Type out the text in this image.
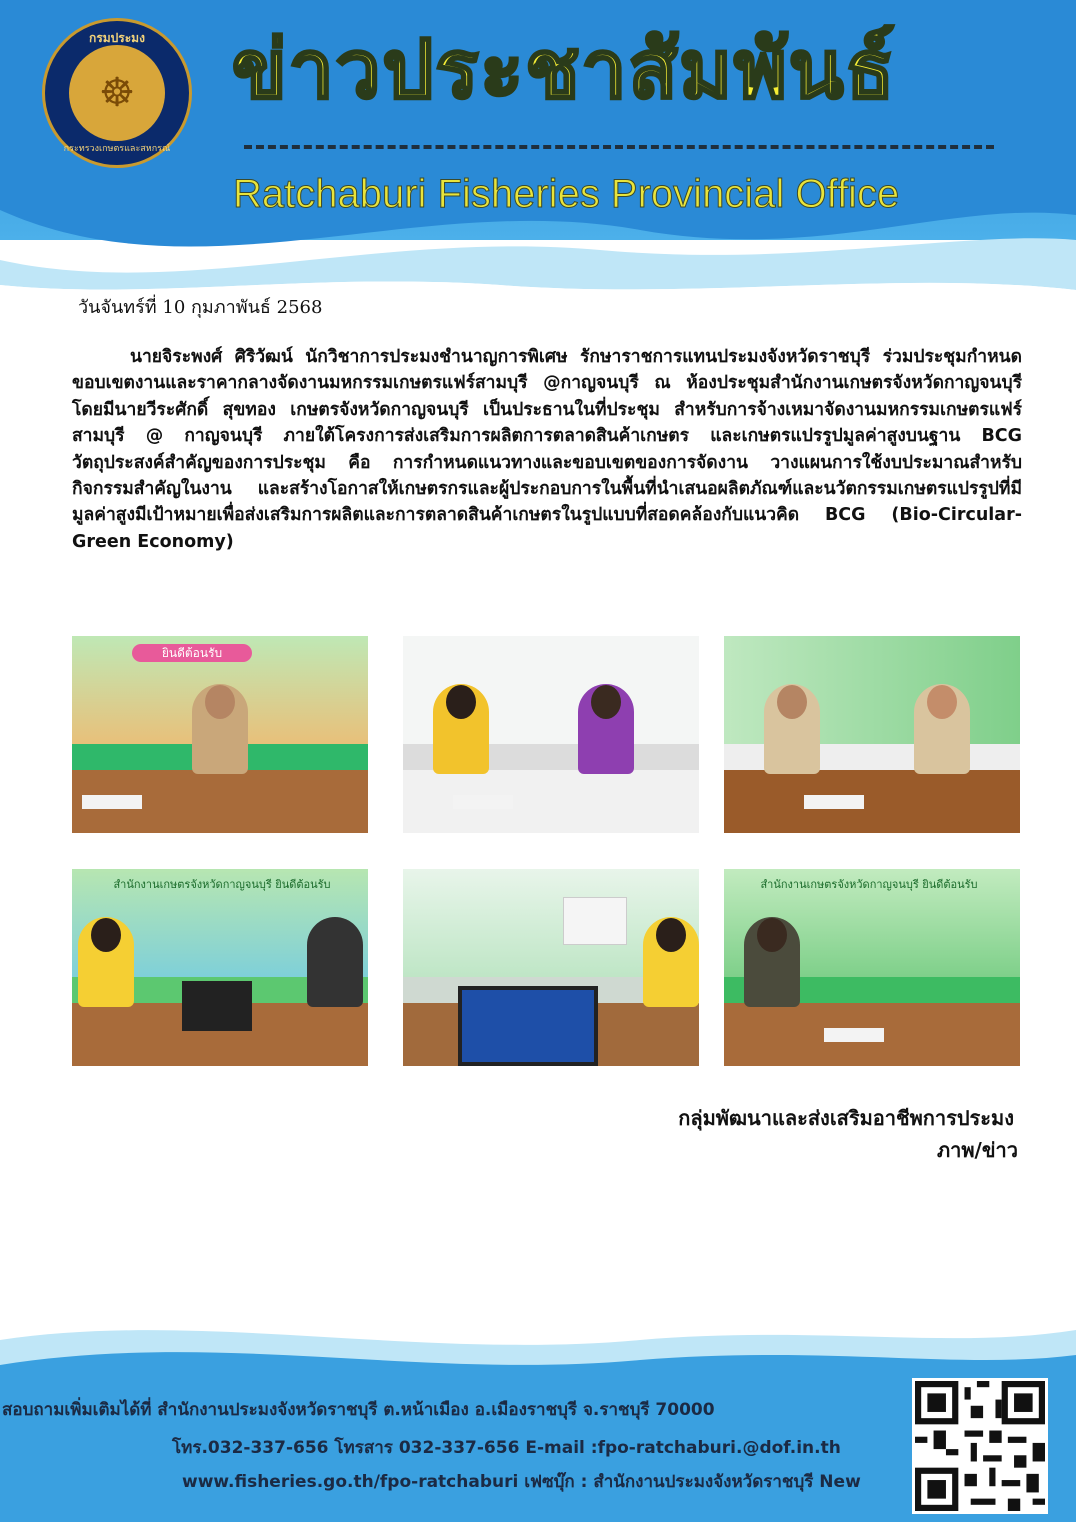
กรมประมง
☸
กระทรวงเกษตรและสหกรณ์
ข่าวประชาสัมพันธ์
Ratchaburi Fisheries Provincial Office
วันจันทร์ที่ 10 กุมภาพันธ์ 2568

นายจิระพงศ์ ศิริวัฒน์ นักวิชาการประมงชำนาญการพิเศษ รักษาราชการแทนประมงจังหวัดราชบุรี ร่วมประชุมกำหนดขอบเขตงานและราคากลางจัดงานมหกรรมเกษตรแฟร์สามบุรี @กาญจนบุรี ณ ห้องประชุมสำนักงานเกษตรจังหวัดกาญจนบุรี โดยมีนายวีระศักดิ์ สุขทอง เกษตรจังหวัดกาญจนบุรี เป็นประธานในที่ประชุม สำหรับการจ้างเหมาจัดงานมหกรรมเกษตรแฟร์ สามบุรี @ กาญจนบุรี ภายใต้โครงการส่งเสริมการผลิตการตลาดสินค้าเกษตร และเกษตรแปรรูปมูลค่าสูงบนฐาน BCG วัตถุประสงค์สำคัญของการประชุม คือ การกำหนดแนวทางและขอบเขตของการจัดงาน วางแผนการใช้งบประมาณสำหรับกิจกรรมสำคัญในงาน และสร้างโอกาสให้เกษตรกรและผู้ประกอบการในพื้นที่นำเสนอผลิตภัณฑ์และนวัตกรรมเกษตรแปรรูปที่มีมูลค่าสูงมีเป้าหมายเพื่อส่งเสริมการผลิตและการตลาดสินค้าเกษตรในรูปแบบที่สอดคล้องกับแนวคิด BCG (Bio-Circular-Green Economy)

ยินดีต้อนรับ
สำนักงานเกษตรจังหวัดกาญจนบุรี ยินดีต้อนรับ	สำนักงานเกษตรจังหวัดกาญจนบุรี ยินดีต้อนรับ
กลุ่มพัฒนาและส่งเสริมอาชีพการประมง
ภาพ/ข่าว
สอบถามเพิ่มเติมได้ที่ สำนักงานประมงจังหวัดราชบุรี ต.หน้าเมือง อ.เมืองราชบุรี จ.ราชบุรี 70000
โทร.032-337-656 โทรสาร 032-337-656 E-mail :fpo-ratchaburi.@dof.in.th
www.fisheries.go.th/fpo-ratchaburi เฟซบุ๊ก : สำนักงานประมงจังหวัดราชบุรี New
